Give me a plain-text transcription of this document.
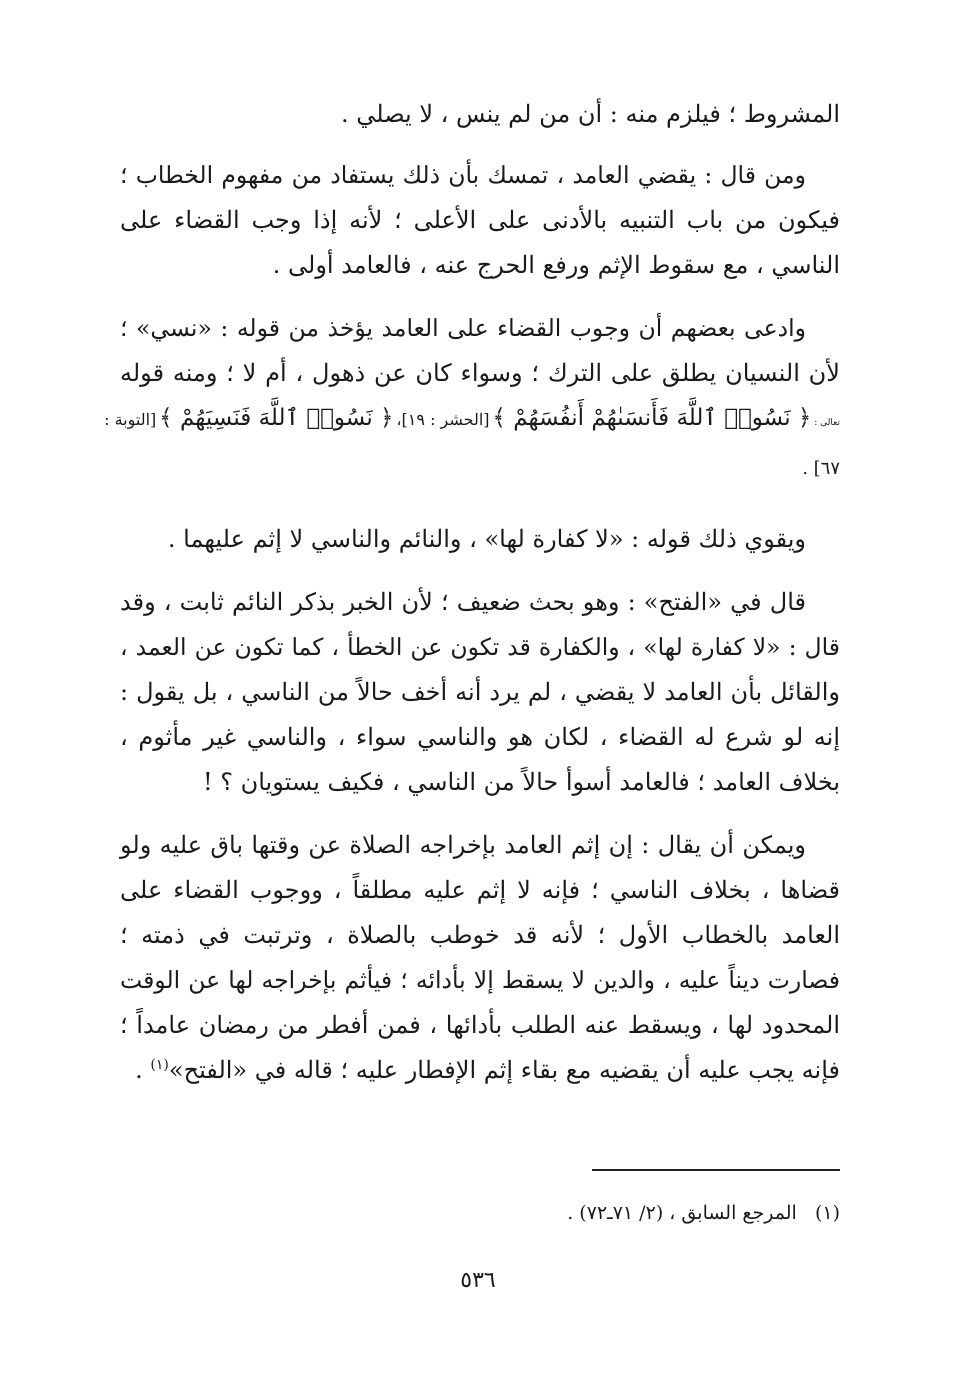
المشروط ؛ فيلزم منه : أن من لم ينس ، لا يصلي .
ومن قال : يقضي العامد ، تمسك بأن ذلك يستفاد من مفهوم الخطاب ؛
فيكون من باب التنبيه بالأدنى على الأعلى ؛ لأنه إذا وجب القضاء على
الناسي ، مع سقوط الإثم ورفع الحرج عنه ، فالعامد أولى .
وادعى بعضهم أن وجوب القضاء على العامد يؤخذ من قوله : «نسي» ؛
لأن النسيان يطلق على الترك ؛ وسواء كان عن ذهول ، أم لا ؛ ومنه قوله
تعالى : ﴿ نَسُوا۟ ٱللَّهَ فَأَنسَىٰهُمْ أَنفُسَهُمْ ﴾ [الحشر : ١٩]، ﴿ نَسُوا۟ ٱللَّهَ فَنَسِيَهُمْ ﴾ [التوبة :
٦٧] .
ويقوي ذلك قوله : «لا كفارة لها» ، والنائم والناسي لا إثم عليهما .
قال في «الفتح» : وهو بحث ضعيف ؛ لأن الخبر بذكر النائم ثابت ، وقد
قال : «لا كفارة لها» ، والكفارة قد تكون عن الخطأ ، كما تكون عن العمد ،
والقائل بأن العامد لا يقضي ، لم يرد أنه أخف حالاً من الناسي ، بل يقول :
إنه لو شرع له القضاء ، لكان هو والناسي سواء ، والناسي غير مأثوم ،
بخلاف العامد ؛ فالعامد أسوأ حالاً من الناسي ، فكيف يستويان ؟ !
ويمكن أن يقال : إن إثم العامد بإخراجه الصلاة عن وقتها باق عليه ولو
قضاها ، بخلاف الناسي ؛ فإنه لا إثم عليه مطلقاً ، ووجوب القضاء على
العامد بالخطاب الأول ؛ لأنه قد خوطب بالصلاة ، وترتبت في ذمته ؛
فصارت ديناً عليه ، والدين لا يسقط إلا بأدائه ؛ فيأثم بإخراجه لها عن الوقت
المحدود لها ، ويسقط عنه الطلب بأدائها ، فمن أفطر من رمضان عامداً ؛
فإنه يجب عليه أن يقضيه مع بقاء إثم الإفطار عليه ؛ قاله في «الفتح»$^{(١)}$ .
(١)   المرجع السابق ، (٢/ ٧١ـ٧٢) .
٥٣٦
